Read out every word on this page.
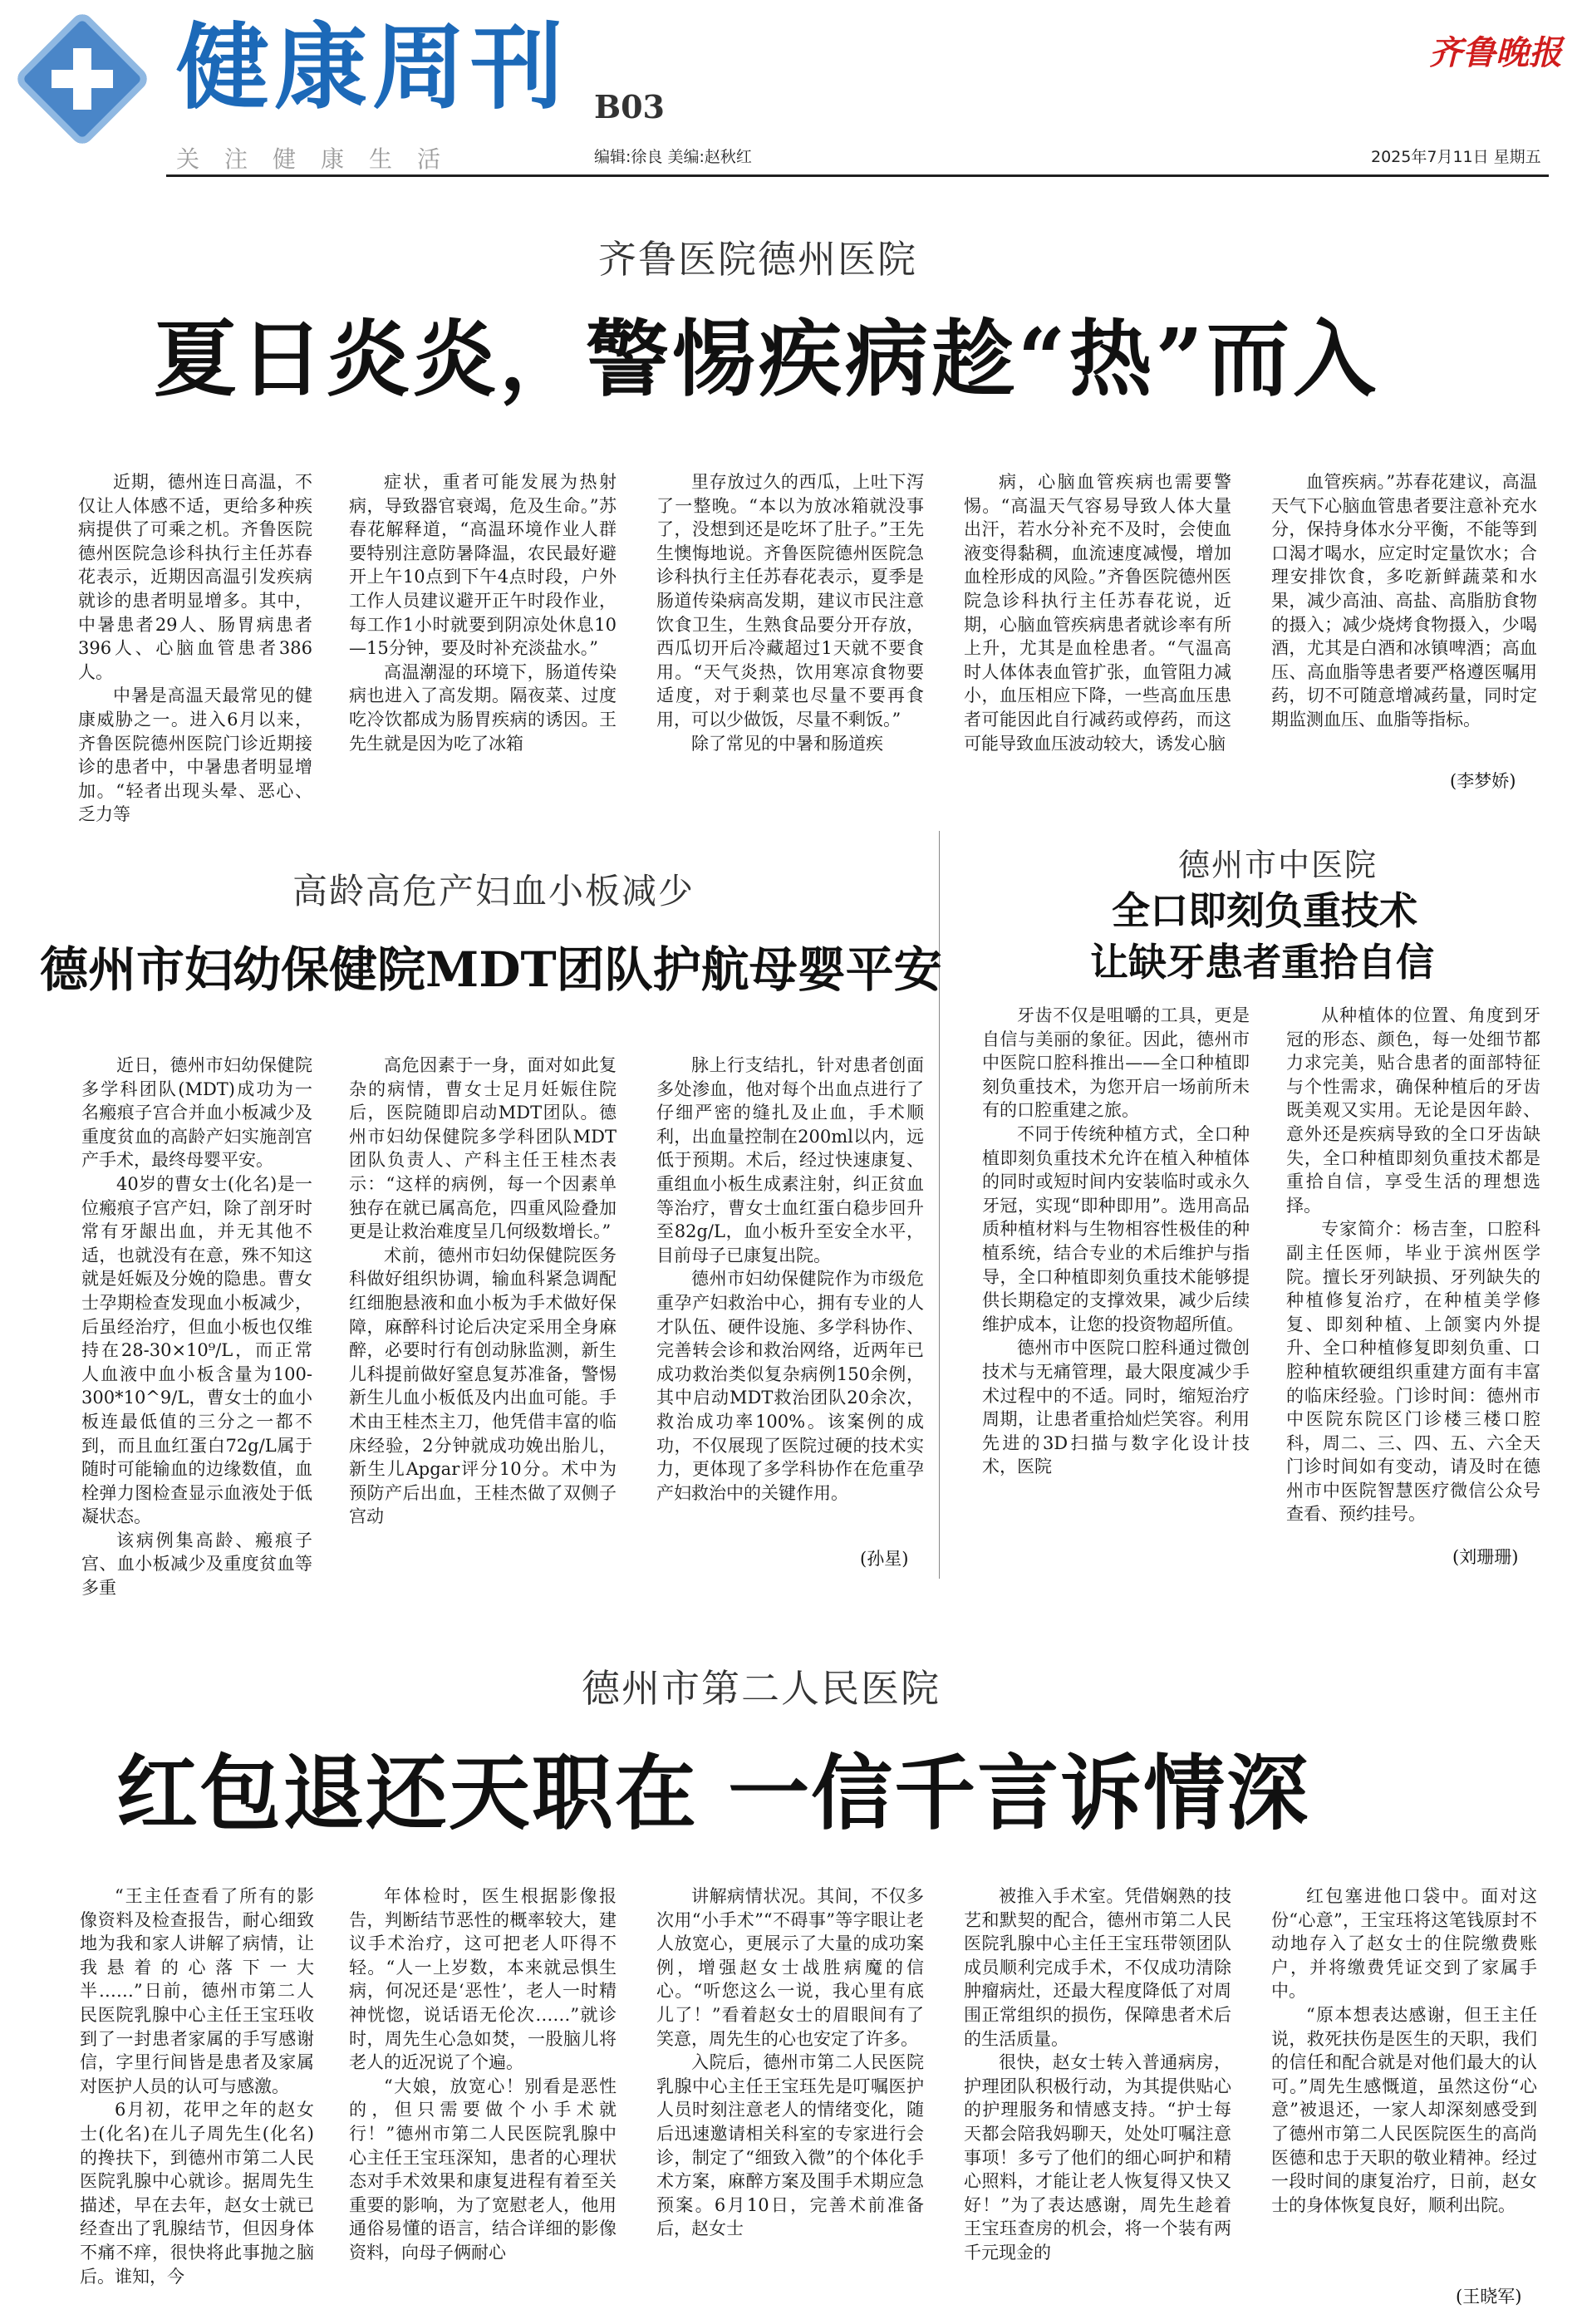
健康周刊 B03
关注健康生活	编辑:徐良 美编:赵秋红
齐鲁晚报
2025年7月11日 星期五
齐鲁医院德州医院
夏日炎炎，警惕疾病趁“热”而入

近期，德州连日高温，不仅让人体感不适，更给多种疾病提供了可乘之机。齐鲁医院德州医院急诊科执行主任苏春花表示，近期因高温引发疾病就诊的患者明显增多。其中，中暑患者29人、肠胃病患者396人、心脑血管患者386人。

中暑是高温天最常见的健康威胁之一。进入6月以来，齐鲁医院德州医院门诊近期接诊的患者中，中暑患者明显增加。“轻者出现头晕、恶心、乏力等

症状，重者可能发展为热射病，导致器官衰竭，危及生命。”苏春花解释道，“高温环境作业人群要特别注意防暑降温，农民最好避开上午10点到下午4点时段，户外工作人员建议避开正午时段作业，每工作1小时就要到阴凉处休息10—15分钟，要及时补充淡盐水。”

高温潮湿的环境下，肠道传染病也进入了高发期。隔夜菜、过度吃冷饮都成为肠胃疾病的诱因。王先生就是因为吃了冰箱

里存放过久的西瓜，上吐下泻了一整晚。“本以为放冰箱就没事了，没想到还是吃坏了肚子。”王先生懊悔地说。齐鲁医院德州医院急诊科执行主任苏春花表示，夏季是肠道传染病高发期，建议市民注意饮食卫生，生熟食品要分开存放，西瓜切开后冷藏超过1天就不要食用。“天气炎热，饮用寒凉食物要适度，对于剩菜也尽量不要再食用，可以少做饭，尽量不剩饭。”

除了常见的中暑和肠道疾

病，心脑血管疾病也需要警惕。“高温天气容易导致人体大量出汗，若水分补充不及时，会使血液变得黏稠，血流速度减慢，增加血栓形成的风险。”齐鲁医院德州医院急诊科执行主任苏春花说，近期，心脑血管疾病患者就诊率有所上升，尤其是血栓患者。“气温高时人体体表血管扩张，血管阻力减小，血压相应下降，一些高血压患者可能因此自行减药或停药，而这可能导致血压波动较大，诱发心脑

血管疾病。”苏春花建议，高温天气下心脑血管患者要注意补充水分，保持身体水分平衡，不能等到口渴才喝水，应定时定量饮水；合理安排饮食，多吃新鲜蔬菜和水果，减少高油、高盐、高脂肪食物的摄入；减少烧烤食物摄入，少喝酒，尤其是白酒和冰镇啤酒；高血压、高血脂等患者要严格遵医嘱用药，切不可随意增减药量，同时定期监测血压、血脂等指标。

(李梦娇)
高龄高危产妇血小板减少
德州市妇幼保健院MDT团队护航母婴平安

近日，德州市妇幼保健院多学科团队(MDT)成功为一名瘢痕子宫合并血小板减少及重度贫血的高龄产妇实施剖宫产手术，最终母婴平安。

40岁的曹女士(化名)是一位瘢痕子宫产妇，除了剖牙时常有牙龈出血，并无其他不适，也就没有在意，殊不知这就是妊娠及分娩的隐患。曹女士孕期检查发现血小板减少，后虽经治疗，但血小板也仅维持在28-30×10⁹/L，而正常人血液中血小板含量为100-300*10^9/L，曹女士的血小板连最低值的三分之一都不到，而且血红蛋白72g/L属于随时可能输血的边缘数值，血栓弹力图检查显示血液处于低凝状态。

该病例集高龄、瘢痕子宫、血小板减少及重度贫血等多重

高危因素于一身，面对如此复杂的病情，曹女士足月妊娠住院后，医院随即启动MDT团队。德州市妇幼保健院多学科团队MDT团队负责人、产科主任王桂杰表示：“这样的病例，每一个因素单独存在就已属高危，四重风险叠加更是让救治难度呈几何级数增长。”

术前，德州市妇幼保健院医务科做好组织协调，输血科紧急调配红细胞悬液和血小板为手术做好保障，麻醉科讨论后决定采用全身麻醉，必要时行有创动脉监测，新生儿科提前做好窒息复苏准备，警惕新生儿血小板低及内出血可能。手术由王桂杰主刀，他凭借丰富的临床经验，2分钟就成功娩出胎儿，新生儿Apgar评分10分。术中为预防产后出血，王桂杰做了双侧子宫动

脉上行支结扎，针对患者创面多处渗血，他对每个出血点进行了仔细严密的缝扎及止血，手术顺利，出血量控制在200ml以内，远低于预期。术后，经过快速康复、重组血小板生成素注射，纠正贫血等治疗，曹女士血红蛋白稳步回升至82g/L，血小板升至安全水平，目前母子已康复出院。

德州市妇幼保健院作为市级危重孕产妇救治中心，拥有专业的人才队伍、硬件设施、多学科协作、完善转会诊和救治网络，近两年已成功救治类似复杂病例150余例，其中启动MDT救治团队20余次，救治成功率100%。该案例的成功，不仅展现了医院过硬的技术实力，更体现了多学科协作在危重孕产妇救治中的关键作用。

(孙星)
德州市中医院
全口即刻负重技术
让缺牙患者重拾自信

牙齿不仅是咀嚼的工具，更是自信与美丽的象征。因此，德州市中医院口腔科推出——全口种植即刻负重技术，为您开启一场前所未有的口腔重建之旅。

不同于传统种植方式，全口种植即刻负重技术允许在植入种植体的同时或短时间内安装临时或永久牙冠，实现“即种即用”。选用高品质种植材料与生物相容性极佳的种植系统，结合专业的术后维护与指导，全口种植即刻负重技术能够提供长期稳定的支撑效果，减少后续维护成本，让您的投资物超所值。

德州市中医院口腔科通过微创技术与无痛管理，最大限度减少手术过程中的不适。同时，缩短治疗周期，让患者重拾灿烂笑容。利用先进的3D扫描与数字化设计技术，医院

从种植体的位置、角度到牙冠的形态、颜色，每一处细节都力求完美，贴合患者的面部特征与个性需求，确保种植后的牙齿既美观又实用。无论是因年龄、意外还是疾病导致的全口牙齿缺失，全口种植即刻负重技术都是重拾自信，享受生活的理想选择。

专家简介：杨吉奎，口腔科副主任医师，毕业于滨州医学院。擅长牙列缺损、牙列缺失的种植修复治疗，在种植美学修复、即刻种植、上颌窦内外提升、全口种植修复即刻负重、口腔种植软硬组织重建方面有丰富的临床经验。门诊时间：德州市中医院东院区门诊楼三楼口腔科，周二、三、四、五、六全天门诊时间如有变动，请及时在德州市中医院智慧医疗微信公众号查看、预约挂号。

(刘珊珊)
德州市第二人民医院
红包退还天职在 一信千言诉情深

“王主任查看了所有的影像资料及检查报告，耐心细致地为我和家人讲解了病情，让我悬着的心落下一大半……”日前，德州市第二人民医院乳腺中心主任王宝珏收到了一封患者家属的手写感谢信，字里行间皆是患者及家属对医护人员的认可与感激。

6月初，花甲之年的赵女士(化名)在儿子周先生(化名)的搀扶下，到德州市第二人民医院乳腺中心就诊。据周先生描述，早在去年，赵女士就已经查出了乳腺结节，但因身体不痛不痒，很快将此事抛之脑后。谁知，今

年体检时，医生根据影像报告，判断结节恶性的概率较大，建议手术治疗，这可把老人吓得不轻。“人一上岁数，本来就忌惧生病，何况还是‘恶性’，老人一时精神恍惚，说话语无伦次……”就诊时，周先生心急如焚，一股脑儿将老人的近况说了个遍。

“大娘，放宽心！别看是恶性的，但只需要做个小手术就行！”德州市第二人民医院乳腺中心主任王宝珏深知，患者的心理状态对手术效果和康复进程有着至关重要的影响，为了宽慰老人，他用通俗易懂的语言，结合详细的影像资料，向母子俩耐心

讲解病情状况。其间，不仅多次用“小手术”“不碍事”等字眼让老人放宽心，更展示了大量的成功案例，增强赵女士战胜病魔的信心。“听您这么一说，我心里有底儿了！”看着赵女士的眉眼间有了笑意，周先生的心也安定了许多。

入院后，德州市第二人民医院乳腺中心主任王宝珏先是叮嘱医护人员时刻注意老人的情绪变化，随后迅速邀请相关科室的专家进行会诊，制定了“细致入微”的个体化手术方案，麻醉方案及围手术期应急预案。6月10日，完善术前准备后，赵女士

被推入手术室。凭借娴熟的技艺和默契的配合，德州市第二人民医院乳腺中心主任王宝珏带领团队成员顺利完成手术，不仅成功清除肿瘤病灶，还最大程度降低了对周围正常组织的损伤，保障患者术后的生活质量。

很快，赵女士转入普通病房，护理团队积极行动，为其提供贴心的护理服务和情感支持。“护士每天都会陪我妈聊天，处处叮嘱注意事项！多亏了他们的细心呵护和精心照料，才能让老人恢复得又快又好！”为了表达感谢，周先生趁着王宝珏查房的机会，将一个装有两千元现金的

红包塞进他口袋中。面对这份“心意”，王宝珏将这笔钱原封不动地存入了赵女士的住院缴费账户，并将缴费凭证交到了家属手中。

“原本想表达感谢，但王主任说，救死扶伤是医生的天职，我们的信任和配合就是对他们最大的认可。”周先生感慨道，虽然这份“心意”被退还，一家人却深刻感受到了德州市第二人民医院医生的高尚医德和忠于天职的敬业精神。经过一段时间的康复治疗，日前，赵女士的身体恢复良好，顺利出院。

(王晓军)
